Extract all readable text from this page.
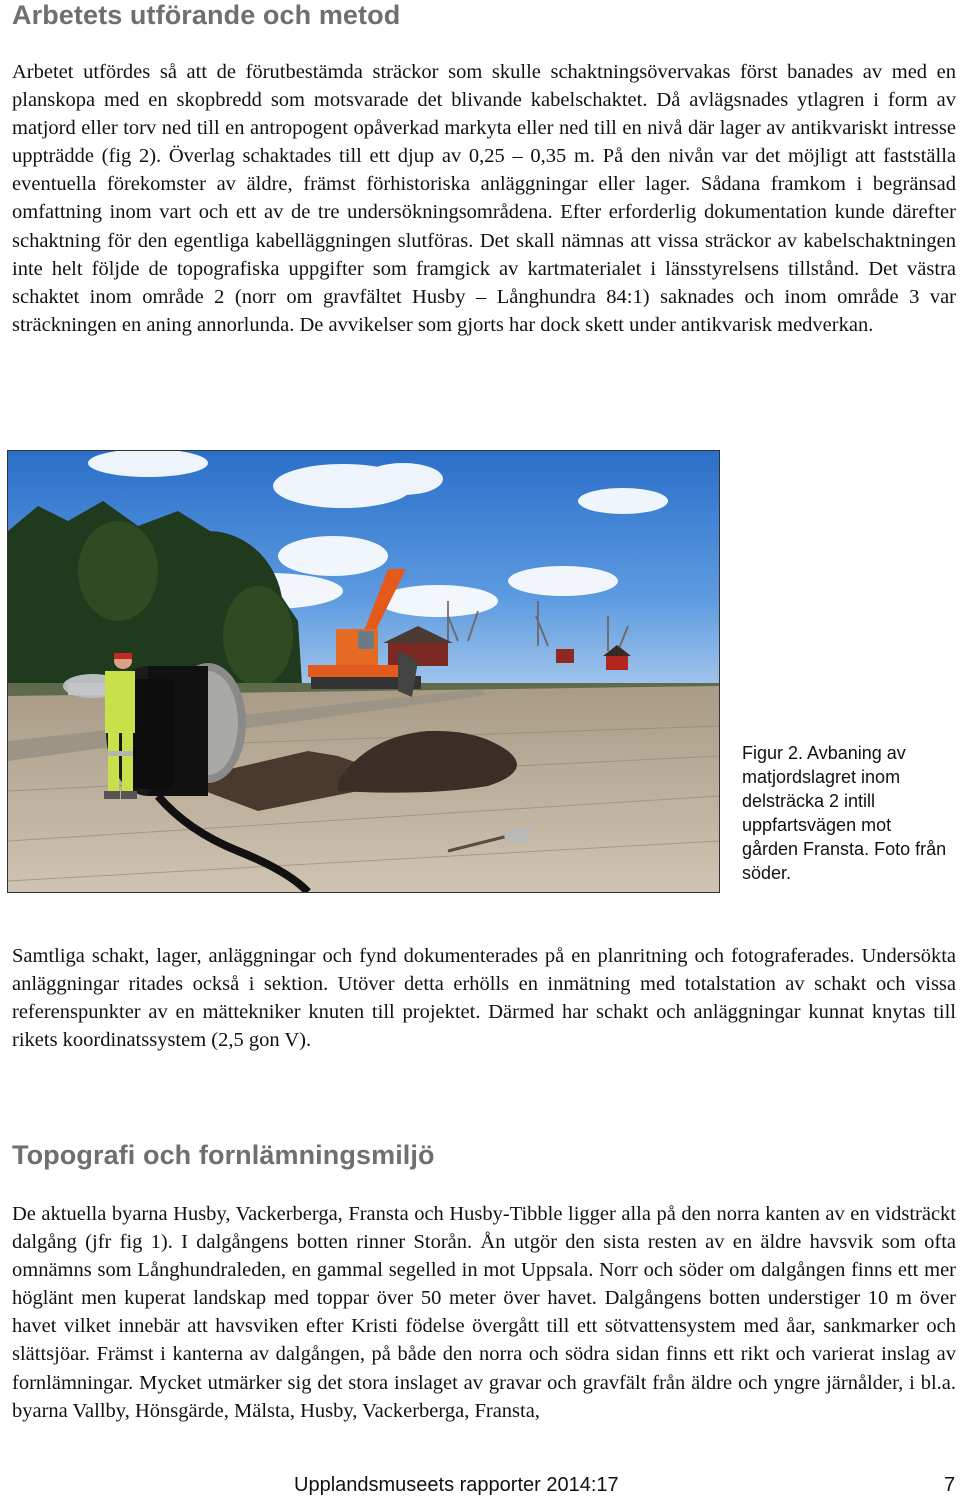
Arbetets utförande och metod

Arbetet utfördes så att de förutbestämda sträckor som skulle schaktningsövervakas först banades av med en planskopa med en skopbredd som motsvarade det blivande kabelschaktet. Då avlägsnades ytlagren i form av matjord eller torv ned till en antropogent opåverkad markyta eller ned till en nivå där lager av antikvariskt intresse uppträdde (fig 2). Överlag schaktades till ett djup av 0,25 – 0,35 m. På den nivån var det möjligt att fastställa eventuella förekomster av äldre, främst förhistoriska anläggningar eller lager. Sådana framkom i begränsad omfattning inom vart och ett av de tre undersökningsområdena. Efter erforderlig dokumentation kunde därefter schaktning för den egentliga kabelläggningen slutföras. Det skall nämnas att vissa sträckor av kabelschaktningen inte helt följde de topografiska uppgifter som framgick av kartmaterialet i länsstyrelsens tillstånd. Det västra schaktet inom område 2 (norr om gravfältet Husby – Långhundra 84:1) saknades och inom område 3 var sträckningen en aning annorlunda. De avvikelser som gjorts har dock skett under antikvarisk medverkan.

Figur 2. Avbaning av matjordslagret inom delsträcka 2 intill uppfartsvägen mot gården Fransta. Foto från söder.

Samtliga schakt, lager, anläggningar och fynd dokumenterades på en planritning och fotograferades. Undersökta anläggningar ritades också i sektion. Utöver detta erhölls en inmätning med totalstation av schakt och vissa referenspunkter av en mättekniker knuten till projektet. Därmed har schakt och anläggningar kunnat knytas till rikets koordinatssystem (2,5 gon V).

Topografi och fornlämningsmiljö

De aktuella byarna Husby, Vackerberga, Fransta och Husby-Tibble ligger alla på den norra kanten av en vidsträckt dalgång (jfr fig 1). I dalgångens botten rinner Storån. Ån utgör den sista resten av en äldre havsvik som ofta omnämns som Långhundraleden, en gammal segelled in mot Uppsala. Norr och söder om dalgången finns ett mer höglänt men kuperat landskap med toppar över 50 meter över havet. Dalgångens botten understiger 10 m över havet vilket innebär att havsviken efter Kristi födelse övergått till ett sötvattensystem med åar, sankmarker och slättsjöar. Främst i kanterna av dalgången, på både den norra och södra sidan finns ett rikt och varierat inslag av fornlämningar. Mycket utmärker sig det stora inslaget av gravar och gravfält från äldre och yngre järnålder, i bl.a. byarna Vallby, Hönsgärde, Mälsta, Husby, Vackerberga, Fransta,

Upplandsmuseets rapporter 2014:17	7
